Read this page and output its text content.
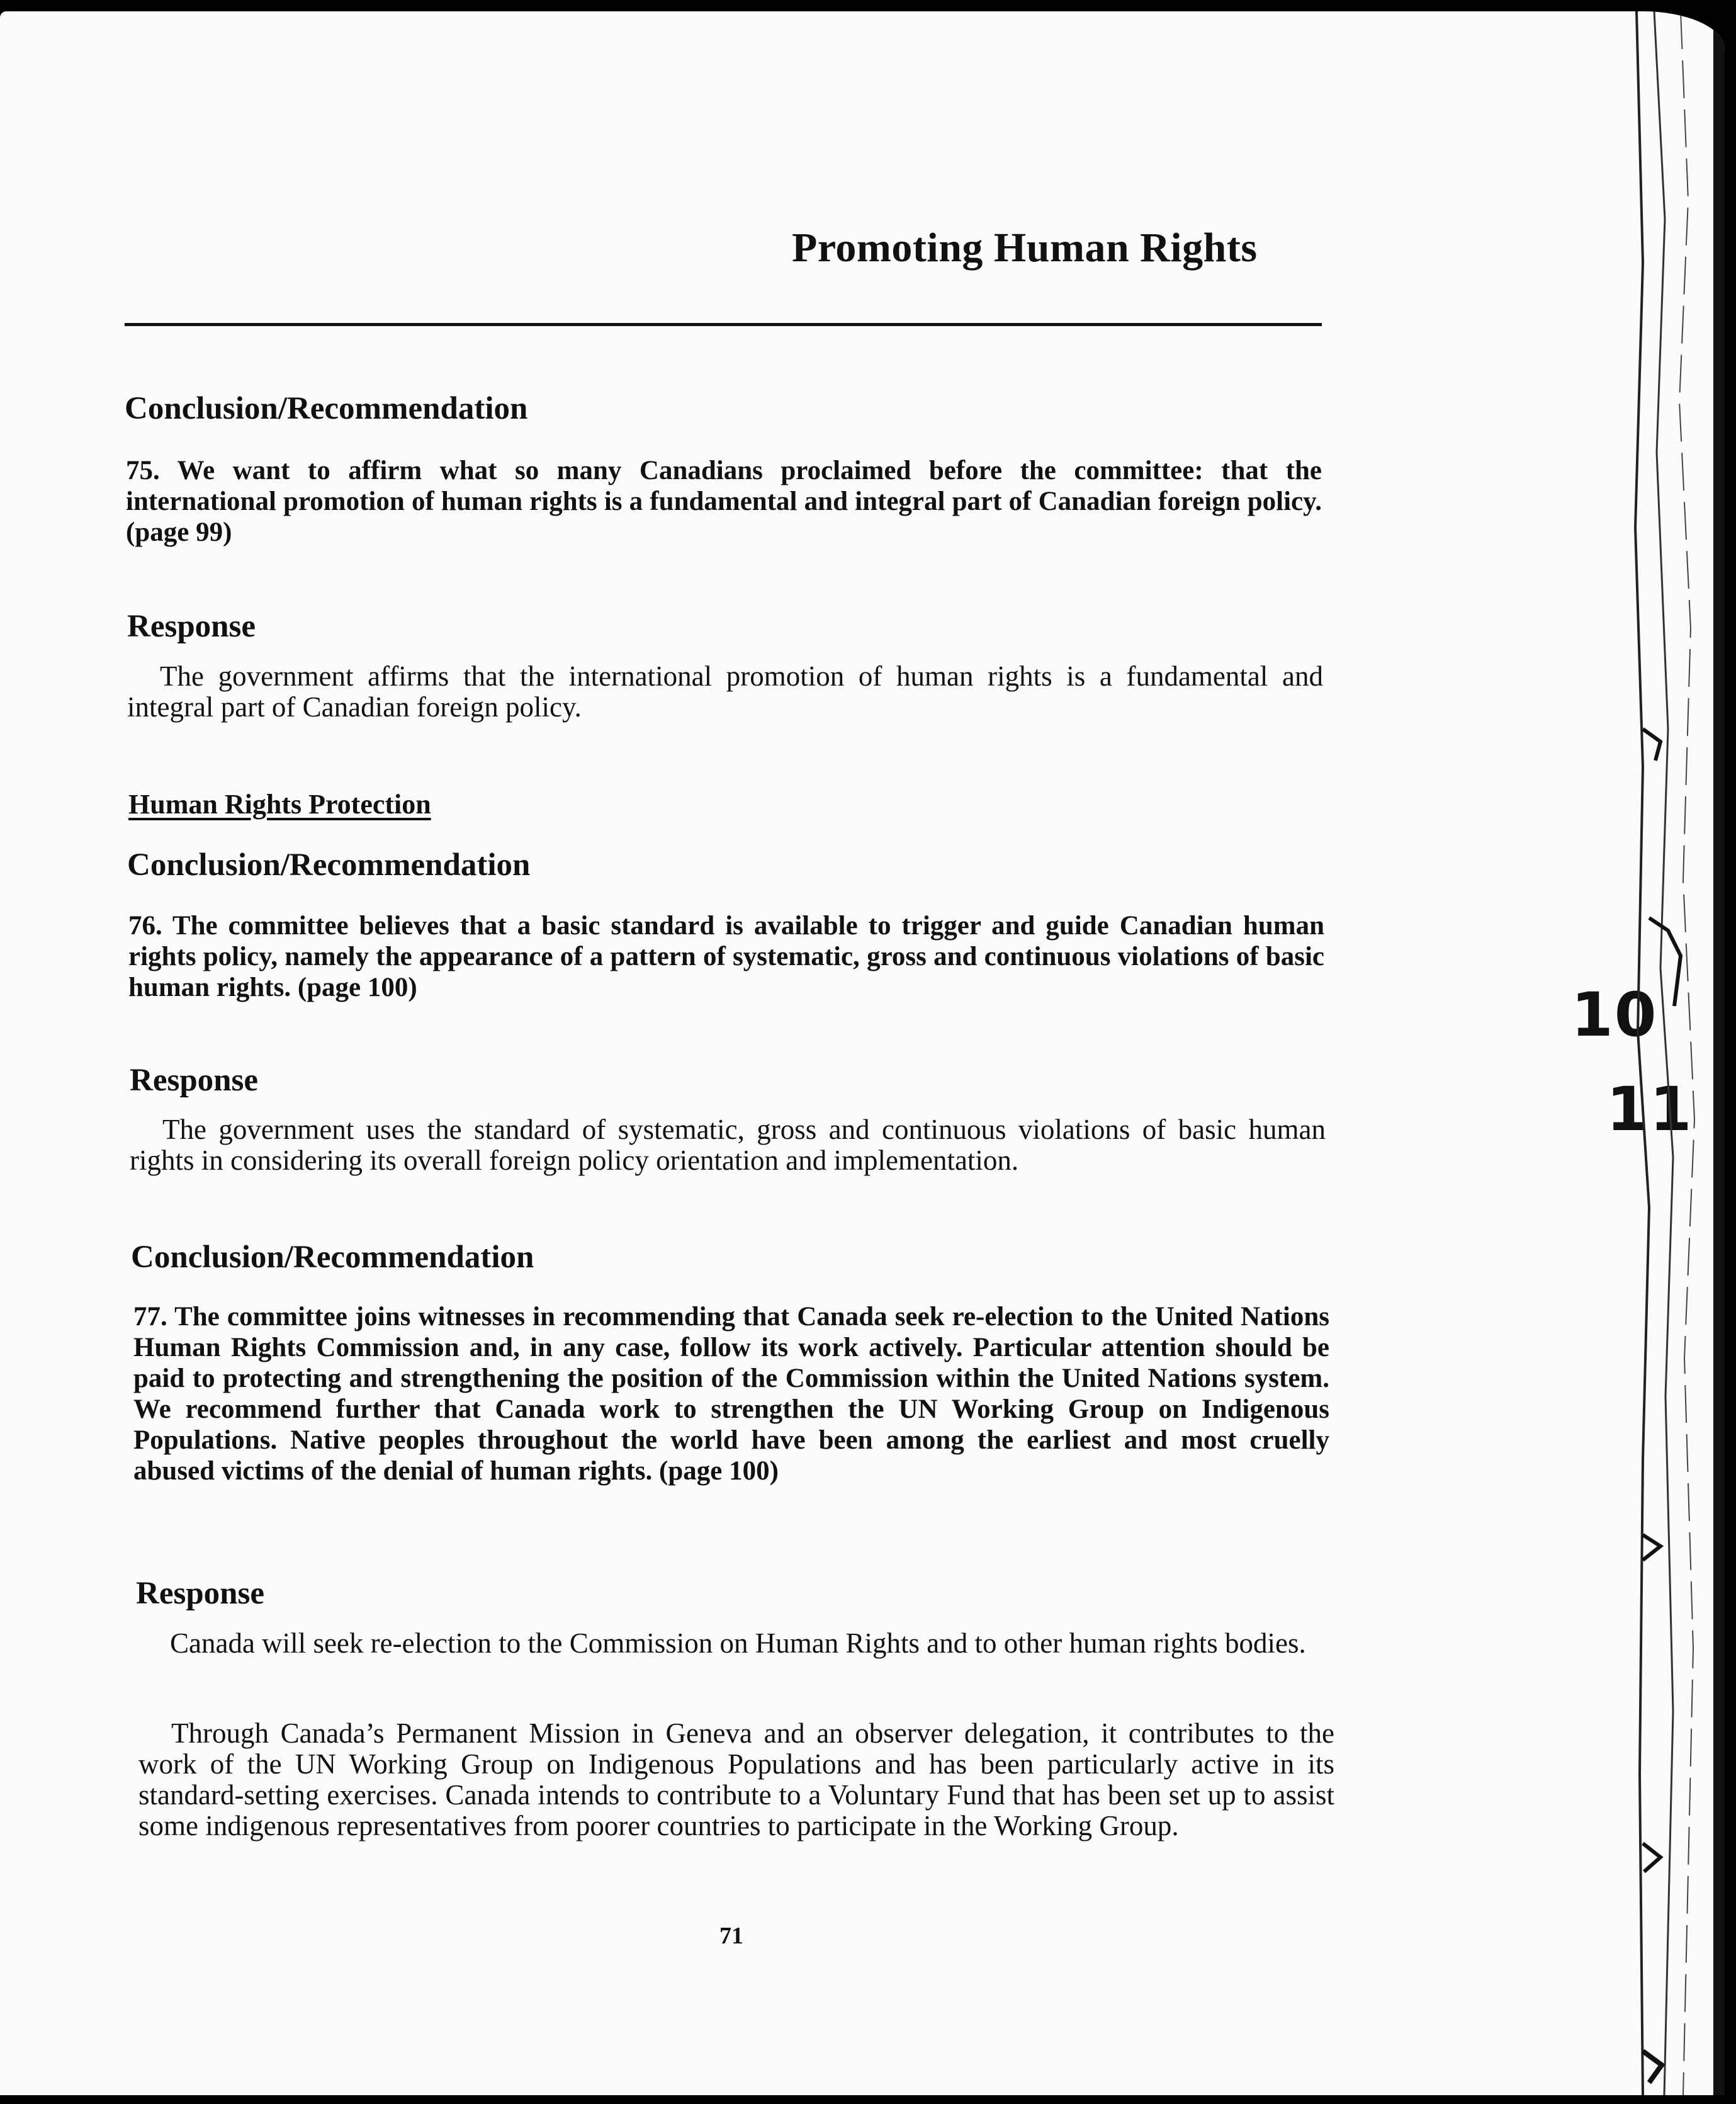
Promoting Human Rights
Conclusion/Recommendation

75. We want to affirm what so many Canadians proclaimed before the committee: that the international promotion of human rights is a fundamental and integral part of Canadian foreign policy. (page 99)

Response

The government affirms that the international promotion of human rights is a fundamental and integral part of Canadian foreign policy.

Human Rights Protection
Conclusion/Recommendation

76. The committee believes that a basic standard is available to trigger and guide Canadian human rights policy, namely the appearance of a pattern of systematic, gross and continuous violations of basic human rights. (page 100)

Response

The government uses the standard of systematic, gross and continuous violations of basic human rights in considering its overall foreign policy orientation and implementation.

Conclusion/Recommendation

77. The committee joins witnesses in recommending that Canada seek re-election to the United Nations Human Rights Commission and, in any case, follow its work actively. Particular attention should be paid to protecting and strengthening the position of the Commission within the United Nations system. We recommend further that Canada work to strengthen the UN Working Group on Indigenous Populations. Native peoples throughout the world have been among the earliest and most cruelly abused victims of the denial of human rights. (page 100)

Response

Canada will seek re-election to the Commission on Human Rights and to other human rights bodies.

Through Canada’s Permanent Mission in Geneva and an observer delegation, it contributes to the work of the UN Working Group on Indigenous Populations and has been particularly active in its standard-setting exercises. Canada intends to contribute to a Voluntary Fund that has been set up to assist some indigenous representatives from poorer countries to participate in the Working Group.

71
10
11
